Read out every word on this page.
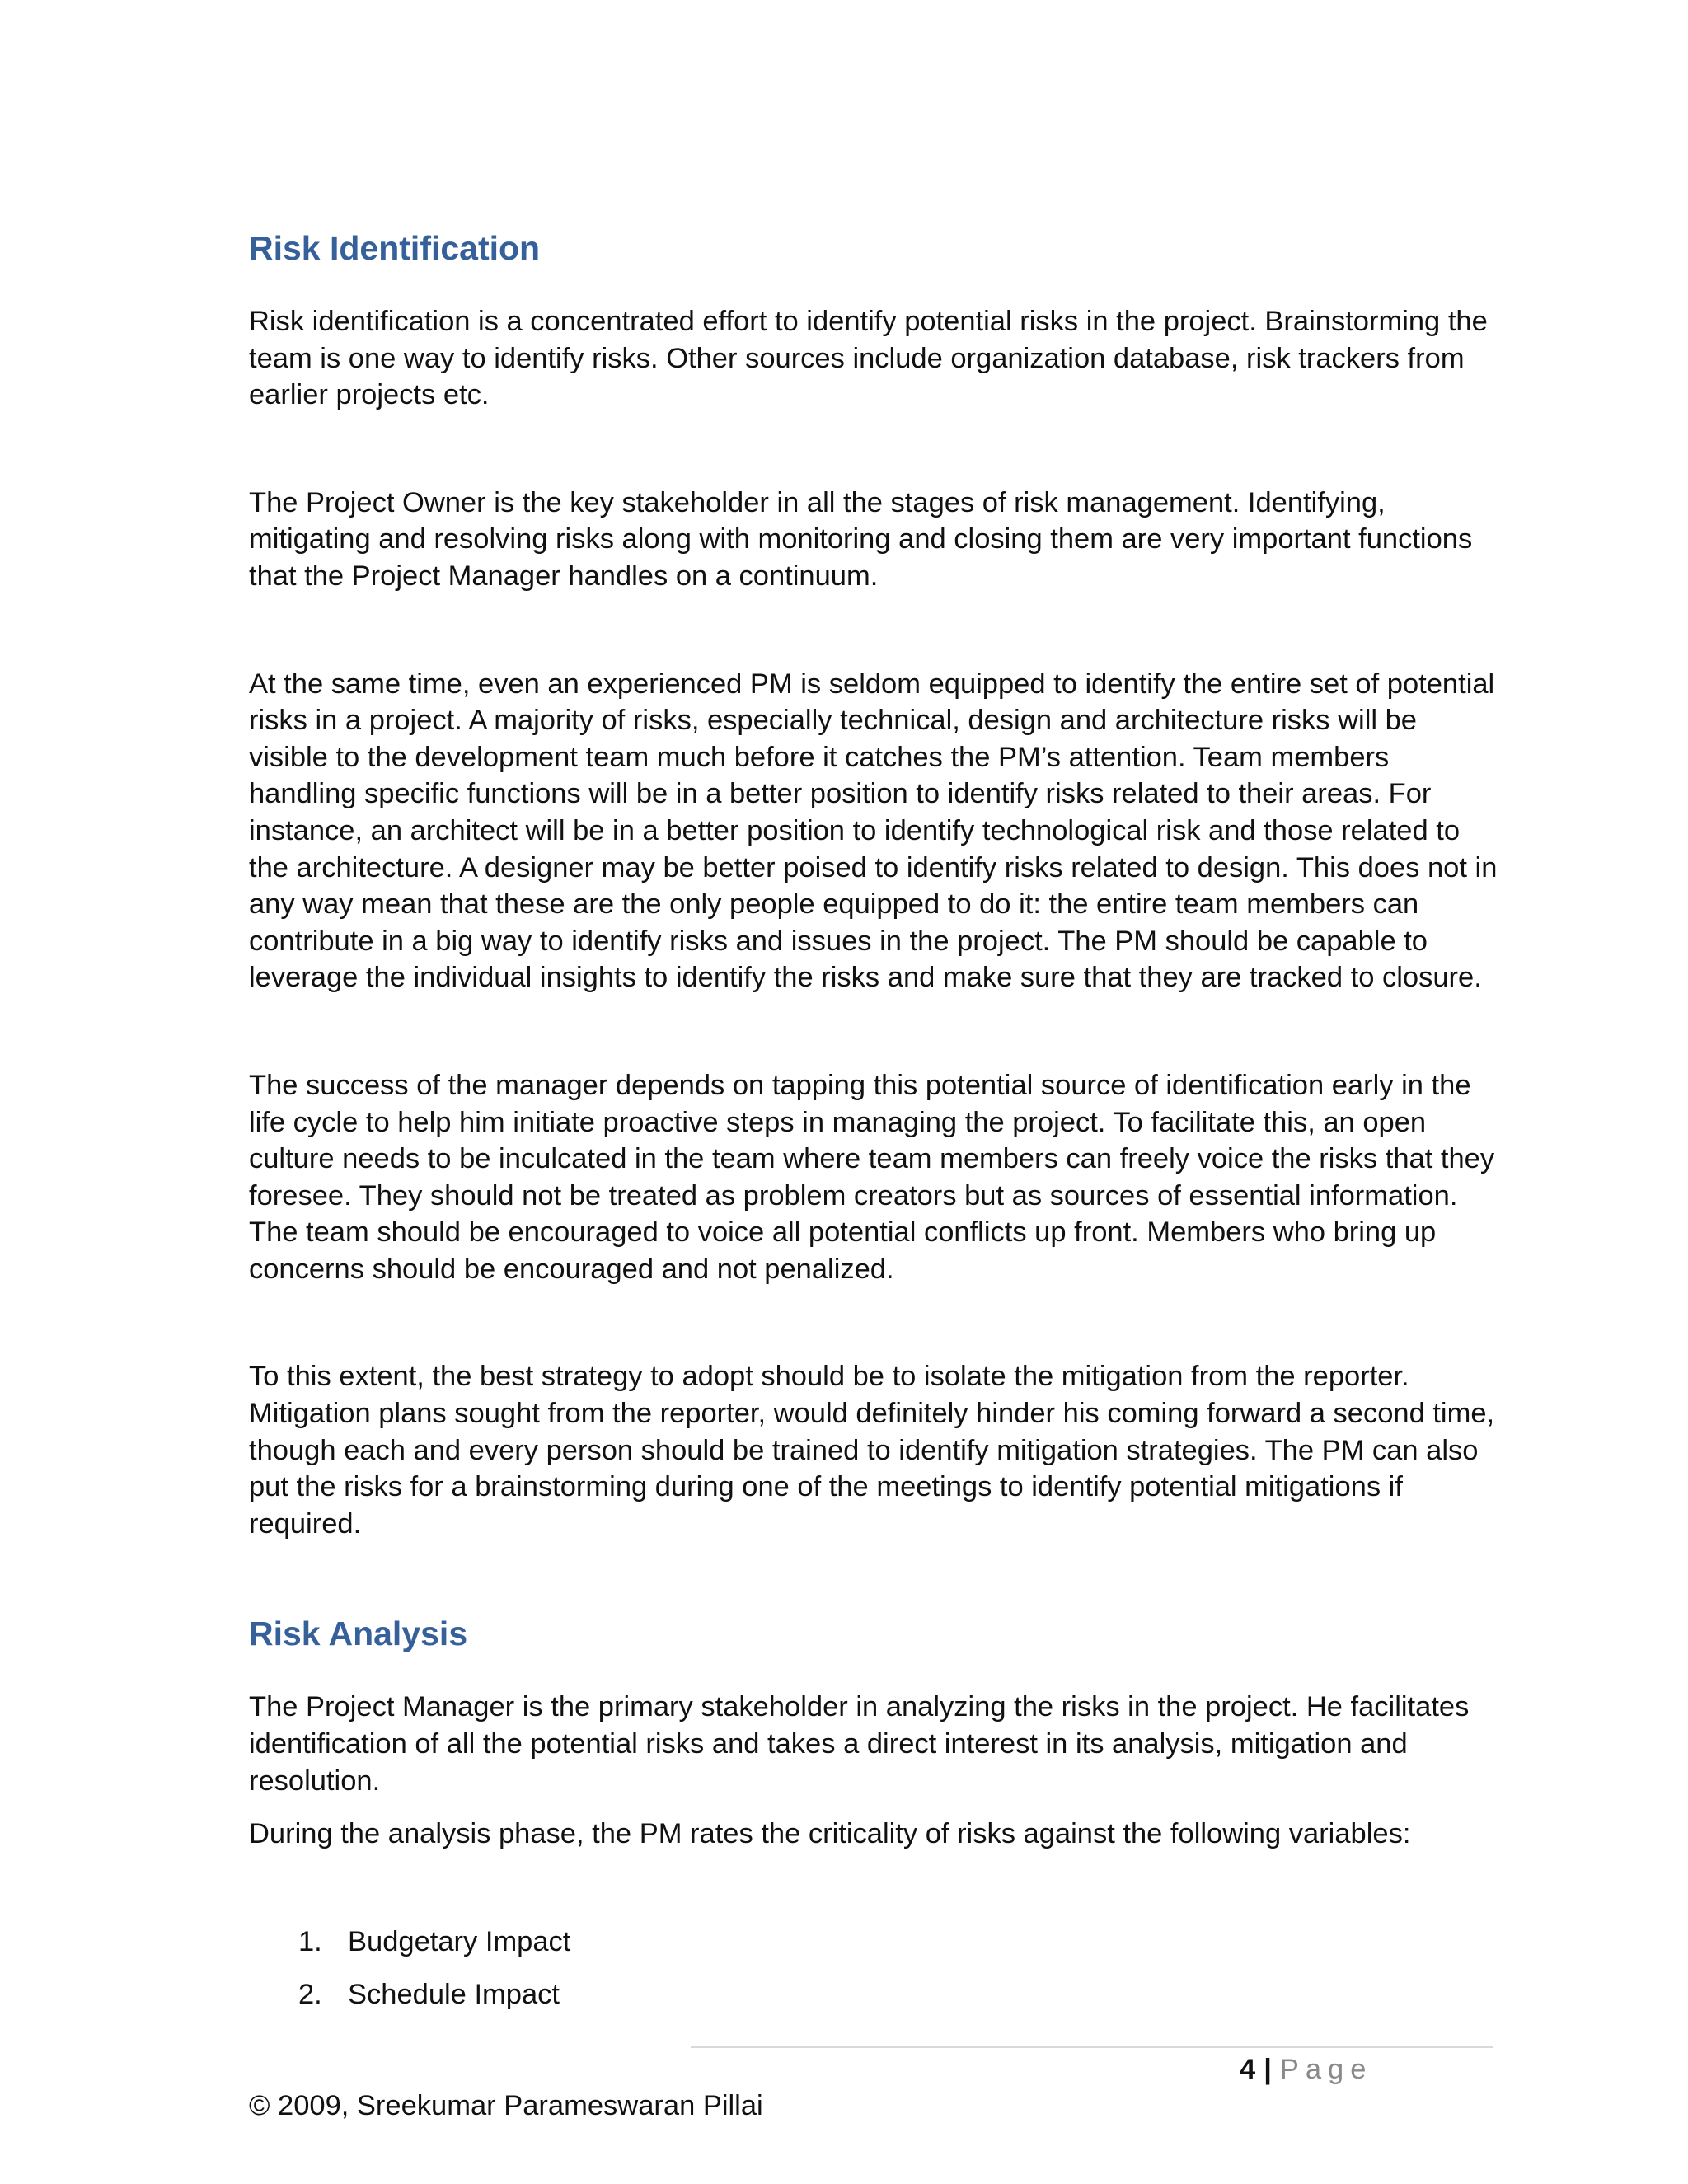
Risk Identification

Risk identification is a concentrated effort to identify potential risks in the project. Brainstorming the team is one way to identify risks. Other sources include organization database, risk trackers from earlier projects etc.

The Project Owner is the key stakeholder in all the stages of risk management. Identifying, mitigating and resolving risks along with monitoring and closing them are very important functions that the Project Manager handles on a continuum.

At the same time, even an experienced PM is seldom equipped to identify the entire set of potential risks in a project. A majority of risks, especially technical, design and architecture risks will be visible to the development team much before it catches the PM’s attention. Team members handling specific functions will be in a better position to identify risks related to their areas. For instance, an architect will be in a better position to identify technological risk and those related to the architecture. A designer may be better poised to identify risks related to design. This does not in any way mean that these are the only people equipped to do it: the entire team members can contribute in a big way to identify risks and issues in the project. The PM should be capable to leverage the individual insights to identify the risks and make sure that they are tracked to closure.

The success of the manager depends on tapping this potential source of identification early in the life cycle to help him initiate proactive steps in managing the project. To facilitate this, an open culture needs to be inculcated in the team where team members can freely voice the risks that they foresee. They should not be treated as problem creators but as sources of essential information. The team should be encouraged to voice all potential conflicts up front. Members who bring up concerns should be encouraged and not penalized.

To this extent, the best strategy to adopt should be to isolate the mitigation from the reporter. Mitigation plans sought from the reporter, would definitely hinder his coming forward a second time, though each and every person should be trained to identify mitigation strategies. The PM can also put the risks for a brainstorming during one of the meetings to identify potential mitigations if required.

Risk Analysis

The Project Manager is the primary stakeholder in analyzing the risks in the project. He facilitates identification of all the potential risks and takes a direct interest in its analysis, mitigation and resolution.

During the analysis phase, the PM rates the criticality of risks against the following variables:

1. Budgetary Impact
2. Schedule Impact
4 | Page
© 2009, Sreekumar Parameswaran Pillai
